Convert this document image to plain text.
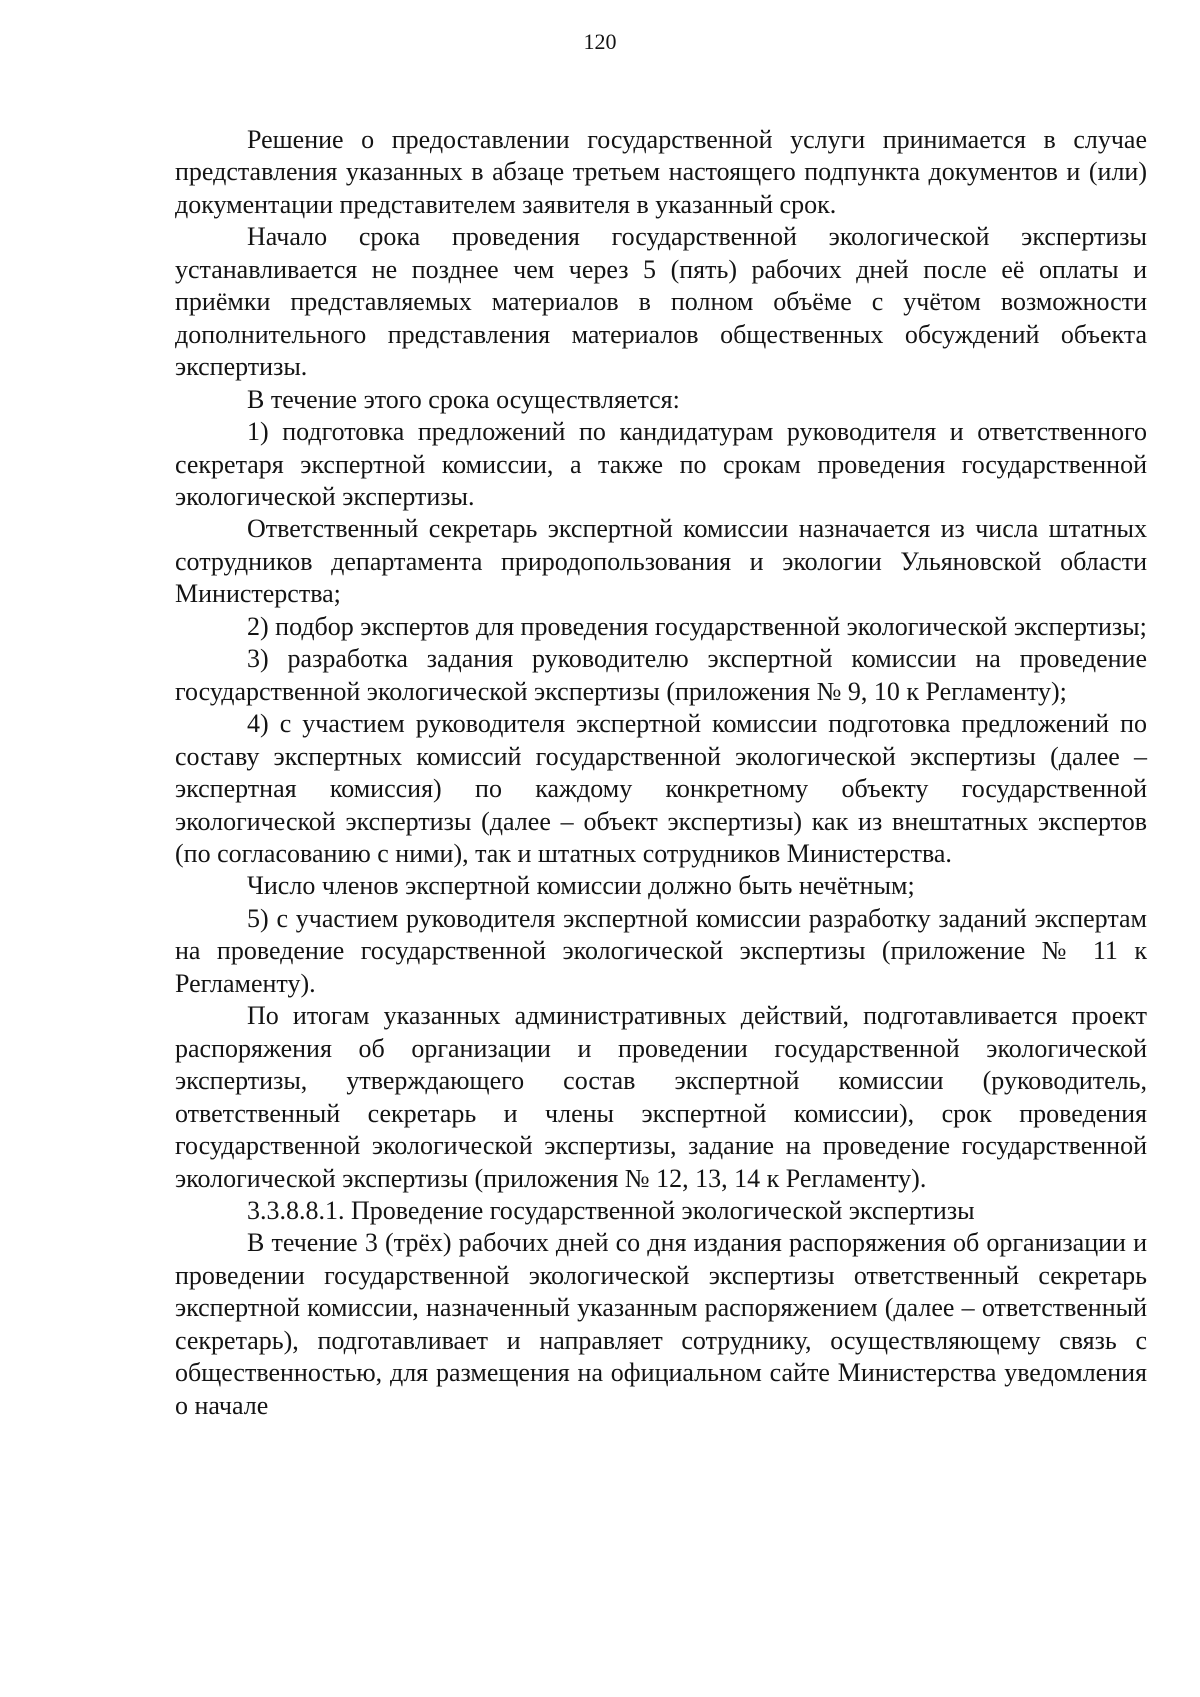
120

Решение о предоставлении государственной услуги принимается в случае представления указанных в абзаце третьем настоящего подпункта документов и (или) документации представителем заявителя в указанный срок.

Начало срока проведения государственной экологической экспертизы устанавливается не позднее чем через 5 (пять) рабочих дней после её оплаты и приёмки представляемых материалов в полном объёме с учётом возможности дополнительного представления материалов общественных обсуждений объекта экспертизы.

В течение этого срока осуществляется:

1) подготовка предложений по кандидатурам руководителя и ответственного секретаря экспертной комиссии, а также по срокам проведения государственной экологической экспертизы.

Ответственный секретарь экспертной комиссии назначается из числа штатных сотрудников департамента природопользования и экологии Ульяновской области Министерства;

2) подбор экспертов для проведения государственной экологической экспертизы;

3) разработка задания руководителю экспертной комиссии на проведение государственной экологической экспертизы (приложения № 9, 10 к Регламенту);

4) с участием руководителя экспертной комиссии подготовка предложений по составу экспертных комиссий государственной экологической экспертизы (далее – экспертная комиссия) по каждому конкретному объекту государственной экологической экспертизы (далее – объект экспертизы) как из внештатных экспертов (по согласованию с ними), так и штатных сотрудников Министерства.

Число членов экспертной комиссии должно быть нечётным;

5) с участием руководителя экспертной комиссии разработку заданий экспертам на проведение государственной экологической экспертизы (приложение № 11 к Регламенту).

По итогам указанных административных действий, подготавливается проект распоряжения об организации и проведении государственной экологической экспертизы, утверждающего состав экспертной комиссии (руководитель, ответственный секретарь и члены экспертной комиссии), срок проведения государственной экологической экспертизы, задание на проведение государственной экологической экспертизы (приложения № 12, 13, 14 к Регламенту).

3.3.8.8.1. Проведение государственной экологической экспертизы

В течение 3 (трёх) рабочих дней со дня издания распоряжения об организации и проведении государственной экологической экспертизы ответственный секретарь экспертной комиссии, назначенный указанным распоряжением (далее – ответственный секретарь), подготавливает и направляет сотруднику, осуществляющему связь с общественностью, для размещения на официальном сайте Министерства уведомления о начале
